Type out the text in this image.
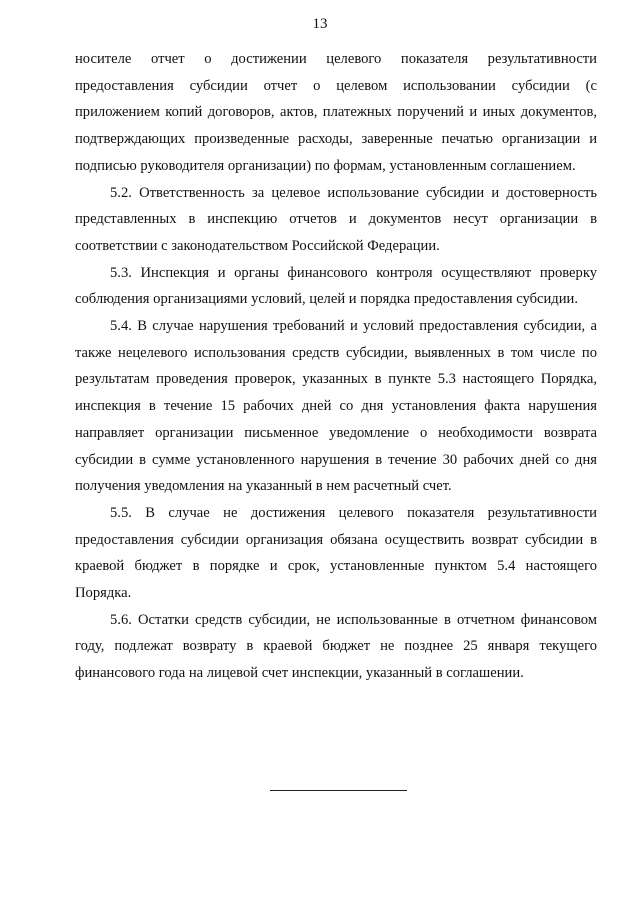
13

носителе отчет о достижении целевого показателя результативности предоставления субсидии отчет о целевом использовании субсидии (с приложением копий договоров, актов, платежных поручений и иных документов, подтверждающих произведенные расходы, заверенные печатью организации и подписью руководителя организации) по формам, установленным соглашением.

5.2. Ответственность за целевое использование субсидии и достоверность представленных в инспекцию отчетов и документов несут организации в соответствии с законодательством Российской Федерации.

5.3. Инспекция и органы финансового контроля осуществляют проверку соблюдения организациями условий, целей и порядка предоставления субсидии.

5.4. В случае нарушения требований и условий предоставления субсидии, а также нецелевого использования средств субсидии, выявленных в том числе по результатам проведения проверок, указанных в пункте 5.3 настоящего Порядка, инспекция в течение 15 рабочих дней со дня установления факта нарушения направляет организации письменное уведомление о необходимости возврата субсидии в сумме установленного нарушения в течение 30 рабочих дней со дня получения уведомления на указанный в нем расчетный счет.

5.5. В случае не достижения целевого показателя результативности предоставления субсидии организация обязана осуществить возврат субсидии в краевой бюджет в порядке и срок, установленные пунктом 5.4 настоящего Порядка.

5.6. Остатки средств субсидии, не использованные в отчетном финансовом году, подлежат возврату в краевой бюджет не позднее 25 января текущего финансового года на лицевой счет инспекции, указанный в соглашении.
